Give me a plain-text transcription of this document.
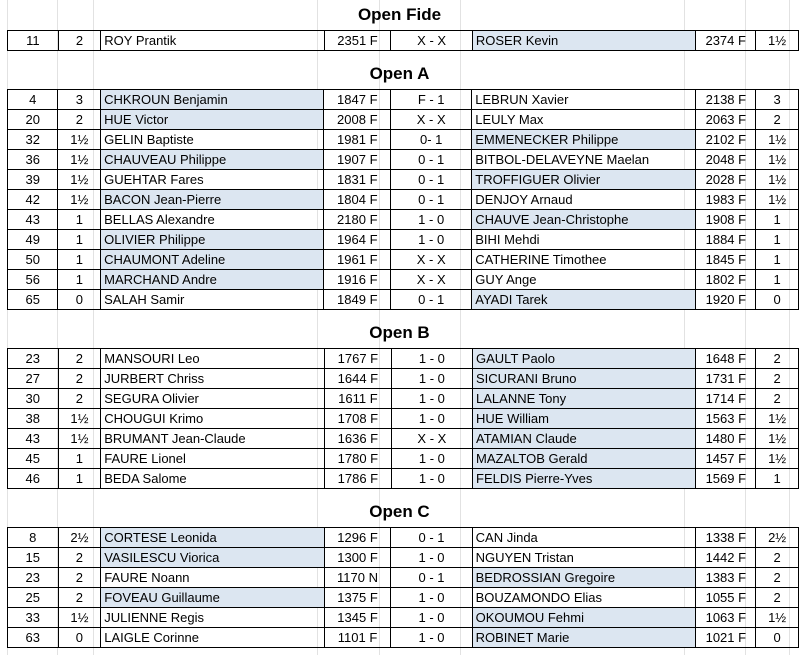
Open Fide
11	2	ROY Prantik	2351 F	X - X	ROSER Kevin	2374 F	1½
Open A
4	3	CHKROUN Benjamin	1847 F	F - 1	LEBRUN Xavier	2138 F	3
20	2	HUE Victor	2008 F	X - X	LEULY Max	2063 F	2
32	1½	GELIN Baptiste	1981 F	0- 1	EMMENECKER Philippe	2102 F	1½
36	1½	CHAUVEAU Philippe	1907 F	0 - 1	BITBOL-DELAVEYNE Maelan	2048 F	1½
39	1½	GUEHTAR Fares	1831 F	0 - 1	TROFFIGUER Olivier	2028 F	1½
42	1½	BACON Jean-Pierre	1804 F	0 - 1	DENJOY Arnaud	1983 F	1½
43	1	BELLAS Alexandre	2180 F	1 - 0	CHAUVE Jean-Christophe	1908 F	1
49	1	OLIVIER Philippe	1964 F	1 - 0	BIHI Mehdi	1884 F	1
50	1	CHAUMONT Adeline	1961 F	X - X	CATHERINE Timothee	1845 F	1
56	1	MARCHAND Andre	1916 F	X - X	GUY Ange	1802 F	1
65	0	SALAH Samir	1849 F	0 - 1	AYADI Tarek	1920 F	0
Open B
23	2	MANSOURI Leo	1767 F	1 - 0	GAULT Paolo	1648 F	2
27	2	JURBERT Chriss	1644 F	1 - 0	SICURANI Bruno	1731 F	2
30	2	SEGURA Olivier	1611 F	1 - 0	LALANNE Tony	1714 F	2
38	1½	CHOUGUI Krimo	1708 F	1 - 0	HUE William	1563 F	1½
43	1½	BRUMANT Jean-Claude	1636 F	X - X	ATAMIAN Claude	1480 F	1½
45	1	FAURE Lionel	1780 F	1 - 0	MAZALTOB Gerald	1457 F	1½
46	1	BEDA Salome	1786 F	1 - 0	FELDIS Pierre-Yves	1569 F	1
Open C
8	2½	CORTESE Leonida	1296 F	0 - 1	CAN Jinda	1338 F	2½
15	2	VASILESCU Viorica	1300 F	1 - 0	NGUYEN Tristan	1442 F	2
23	2	FAURE Noann	1170 N	0 - 1	BEDROSSIAN Gregoire	1383 F	2
25	2	FOVEAU Guillaume	1375 F	1 - 0	BOUZAMONDO Elias	1055 F	2
33	1½	JULIENNE Regis	1345 F	1 - 0	OKOUMOU Fehmi	1063 F	1½
63	0	LAIGLE Corinne	1101 F	1 - 0	ROBINET Marie	1021 F	0
